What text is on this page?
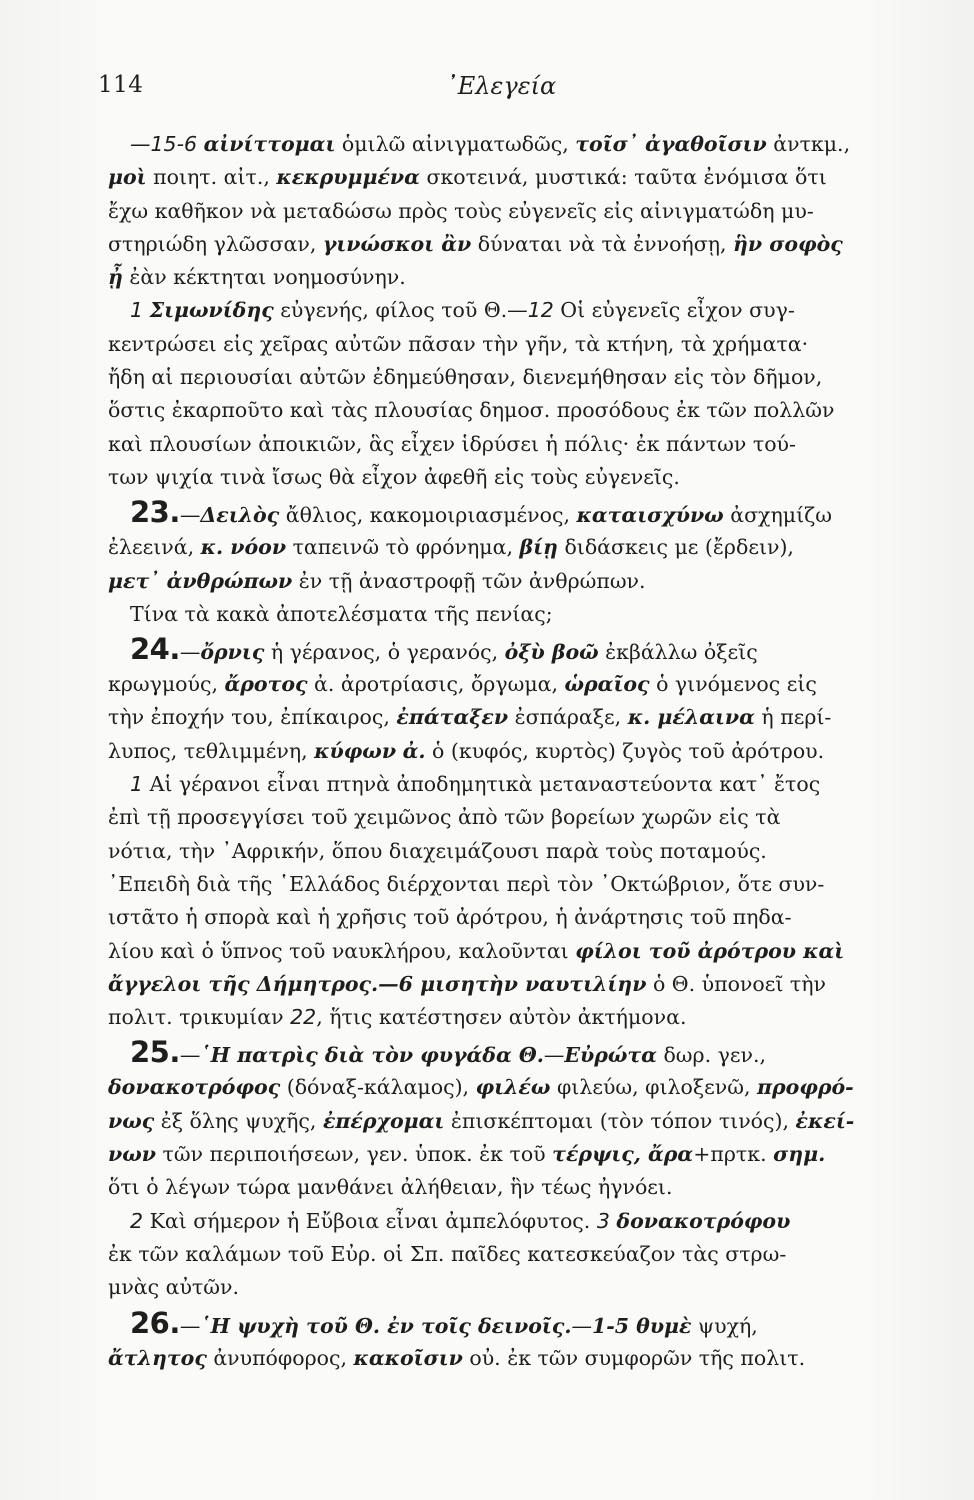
114	᾿Ελεγεία
—15-6 αἰνίττομαι ὁμιλῶ αἰνιγματωδῶς, τοῖσ᾿ ἀγαθοῖσιν ἀντκμ.,
μοὶ ποιητ. αἰτ., κεκρυμμένα σκοτεινά, μυστικά: ταῦτα ἐνόμισα ὅτι
ἔχω καθῆκον νὰ μεταδώσω πρὸς τοὺς εὐγενεῖς εἰς αἰνιγματώδη μυ-
στηριώδη γλῶσσαν, γινώσκοι ἂν δύναται νὰ τὰ ἐννοήσῃ, ἣν σοφὸς
ᾖ ἐὰν κέκτηται νοημοσύνην.
1 Σιμωνίδης εὐγενής, φίλος τοῦ Θ.—12 Οἱ εὐγενεῖς εἶχον συγ-
κεντρώσει εἰς χεῖρας αὐτῶν πᾶσαν τὴν γῆν, τὰ κτήνη, τὰ χρήματα·
ἤδη αἱ περιουσίαι αὐτῶν ἐδημεύθησαν, διενεμήθησαν εἰς τὸν δῆμον,
ὅστις ἐκαρποῦτο καὶ τὰς πλουσίας δημοσ. προσόδους ἐκ τῶν πολλῶν
καὶ πλουσίων ἀποικιῶν, ἃς εἶχεν ἱδρύσει ἡ πόλις· ἐκ πάντων τού-
των ψιχία τινὰ ἴσως θὰ εἶχον ἀφεθῆ εἰς τοὺς εὐγενεῖς.
23.—Δειλὸς ἄθλιος, κακομοιριασμένος, καταισχύνω ἀσχημίζω
ἐλεεινά, κ. νόον ταπεινῶ τὸ φρόνημα, βίῃ διδάσκεις με (ἔρδειν),
μετ᾿ ἀνθρώπων ἐν τῇ ἀναστροφῇ τῶν ἀνθρώπων.
Τίνα τὰ κακὰ ἀποτελέσματα τῆς πενίας;
24.—ὄρνις ἡ γέρανος, ὁ γερανός, ὀξὺ βοῶ ἐκβάλλω ὀξεῖς
κρωγμούς, ἄροτος ἀ. ἀροτρίασις, ὄργωμα, ὡραῖος ὁ γινόμενος εἰς
τὴν ἐποχήν του, ἐπίκαιρος, ἐπάταξεν ἐσπάραξε, κ. μέλαινα ἡ περί-
λυπος, τεθλιμμένη, κύφων ἀ. ὁ (κυφός, κυρτὸς) ζυγὸς τοῦ ἀρότρου.
1 Αἱ γέρανοι εἶναι πτηνὰ ἀποδημητικὰ μεταναστεύοντα κατ᾿ ἔτος
ἐπὶ τῇ προσεγγίσει τοῦ χειμῶνος ἀπὸ τῶν βορείων χωρῶν εἰς τὰ
νότια, τὴν ᾿Αφρικήν, ὅπου διαχειμάζουσι παρὰ τοὺς ποταμούς.
᾿Επειδὴ διὰ τῆς ῾Ελλάδος διέρχονται περὶ τὸν ᾿Οκτώβριον, ὅτε συν-
ιστᾶτο ἡ σπορὰ καὶ ἡ χρῆσις τοῦ ἀρότρου, ἡ ἀνάρτησις τοῦ πηδα-
λίου καὶ ὁ ὕπνος τοῦ ναυκλήρου, καλοῦνται φίλοι τοῦ ἀρότρου καὶ
ἄγγελοι τῆς Δήμητρος.—6 μισητὴν ναυτιλίην ὁ Θ. ὑπονοεῖ τὴν
πολιτ. τρικυμίαν 22, ἥτις κατέστησεν αὐτὸν ἀκτήμονα.
25.—῾Η πατρὶς διὰ τὸν φυγάδα Θ.—Εὐρώτα δωρ. γεν.,
δονακοτρόφος (δόναξ-κάλαμος), φιλέω φιλεύω, φιλοξενῶ, προφρό-
νως ἐξ ὅλης ψυχῆς, ἐπέρχομαι ἐπισκέπτομαι (τὸν τόπον τινός), ἐκεί-
νων τῶν περιποιήσεων, γεν. ὑποκ. ἐκ τοῦ τέρψις, ἄρα+πρτκ. σημ.
ὅτι ὁ λέγων τώρα μανθάνει ἀλήθειαν, ἣν τέως ἠγνόει.
2 Καὶ σήμερον ἡ Εὔβοια εἶναι ἀμπελόφυτος. 3 δονακοτρόφου
ἐκ τῶν καλάμων τοῦ Εὐρ. οἱ Σπ. παῖδες κατεσκεύαζον τὰς στρω-
μνὰς αὐτῶν.
26.—῾Η ψυχὴ τοῦ Θ. ἐν τοῖς δεινοῖς.—1-5 θυμὲ ψυχή,
ἄτλητος ἀνυπόφορος, κακοῖσιν οὐ. ἐκ τῶν συμφορῶν τῆς πολιτ.
